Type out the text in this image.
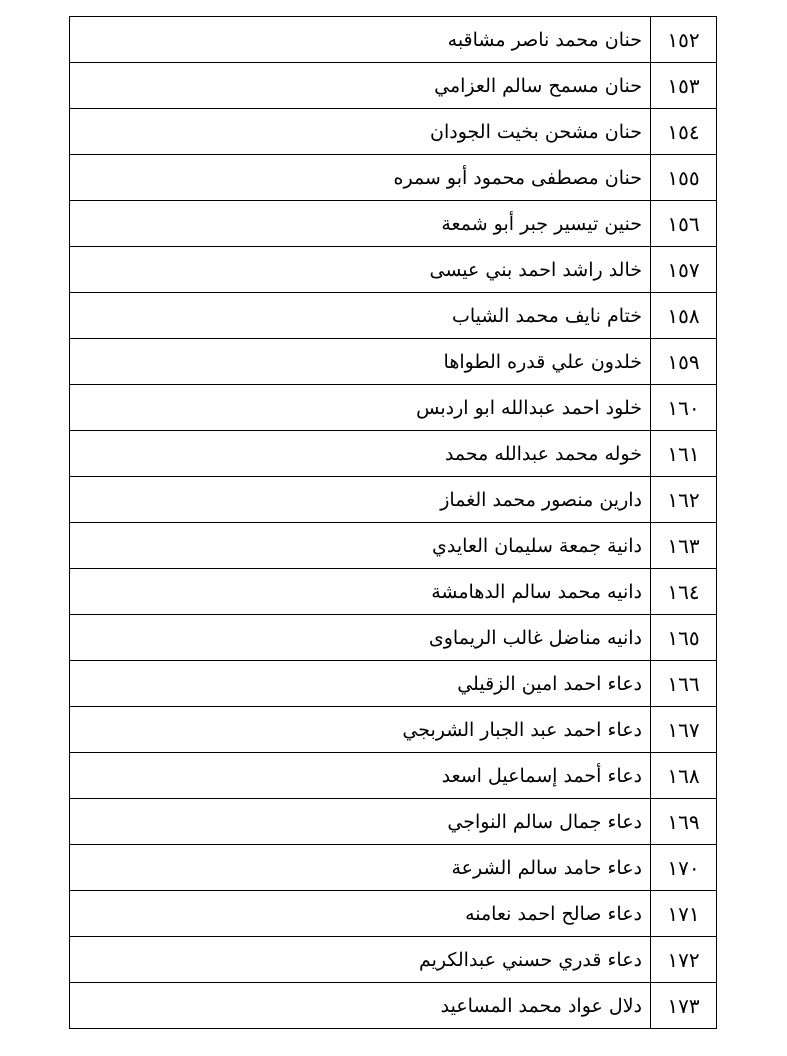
١٥٢	حنان محمد ناصر مشاقبه
١٥٣	حنان مسمح سالم العزامي
١٥٤	حنان مشحن بخيت الجودان
١٥٥	حنان مصطفى محمود أبو سمره
١٥٦	حنين تيسير جبر أبو شمعة
١٥٧	خالد راشد احمد بني عيسى
١٥٨	ختام نايف محمد الشياب
١٥٩	خلدون علي قدره الطواها
١٦٠	خلود احمد عبدالله ابو اردبس
١٦١	خوله محمد عبدالله محمد
١٦٢	دارين منصور محمد الغماز
١٦٣	دانية جمعة سليمان العايدي
١٦٤	دانيه محمد سالم الدهامشة
١٦٥	دانيه مناضل غالب الريماوى
١٦٦	دعاء احمد امين الزقيلي
١٦٧	دعاء احمد عبد الجبار الشربجي
١٦٨	دعاء أحمد إسماعيل اسعد
١٦٩	دعاء جمال سالم النواجي
١٧٠	دعاء حامد سالم الشرعة
١٧١	دعاء صالح احمد نعامنه
١٧٢	دعاء قدري حسني عبدالكريم
١٧٣	دلال عواد محمد المساعيد
